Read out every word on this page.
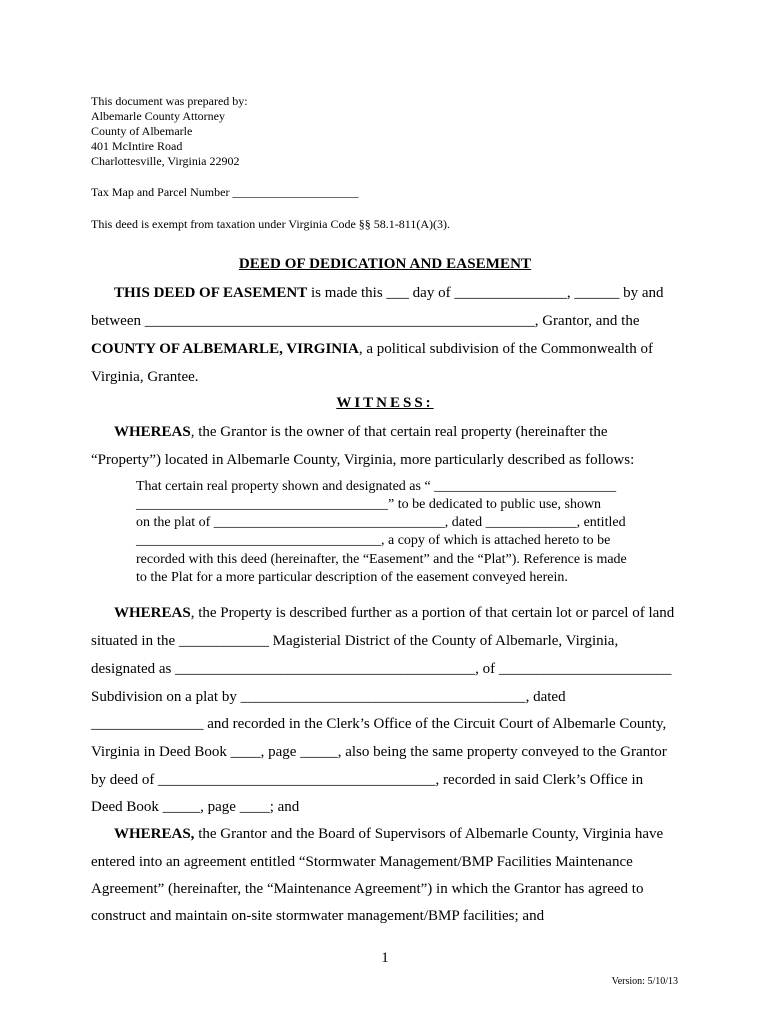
This document was prepared by:
Albemarle County Attorney
County of Albemarle
401 McIntire Road
Charlottesville, Virginia 22902
Tax Map and Parcel Number _____________________
This deed is exempt from taxation under Virginia Code §§ 58.1-811(A)(3).
DEED OF DEDICATION AND EASEMENT
THIS DEED OF EASEMENT is made this ___ day of _______________, ______ by and
between ____________________________________________________, Grantor, and the
COUNTY OF ALBEMARLE, VIRGINIA, a political subdivision of the Commonwealth of
Virginia, Grantee.
WITNESS:
WHEREAS, the Grantor is the owner of that certain real property (hereinafter the
“Property”) located in Albemarle County, Virginia, more particularly described as follows:
That certain real property shown and designated as “ __________________________
____________________________________” to be dedicated to public use, shown
on the plat of _________________________________, dated _____________, entitled
___________________________________, a copy of which is attached hereto to be
recorded with this deed (hereinafter, the “Easement” and the “Plat”). Reference is made
to the Plat for a more particular description of the easement conveyed herein.
WHEREAS, the Property is described further as a portion of that certain lot or parcel of land
situated in the ____________ Magisterial District of the County of Albemarle, Virginia,
designated as ________________________________________, of _______________________
Subdivision on a plat by ______________________________________, dated
_______________ and recorded in the Clerk’s Office of the Circuit Court of Albemarle County,
Virginia in Deed Book ____, page _____, also being the same property conveyed to the Grantor
by deed of _____________________________________, recorded in said Clerk’s Office in
Deed Book _____, page ____; and
WHEREAS, the Grantor and the Board of Supervisors of Albemarle County, Virginia have
entered into an agreement entitled “Stormwater Management/BMP Facilities Maintenance
Agreement” (hereinafter, the “Maintenance Agreement”) in which the Grantor has agreed to
construct and maintain on-site stormwater management/BMP facilities; and
1
Version: 5/10/13
